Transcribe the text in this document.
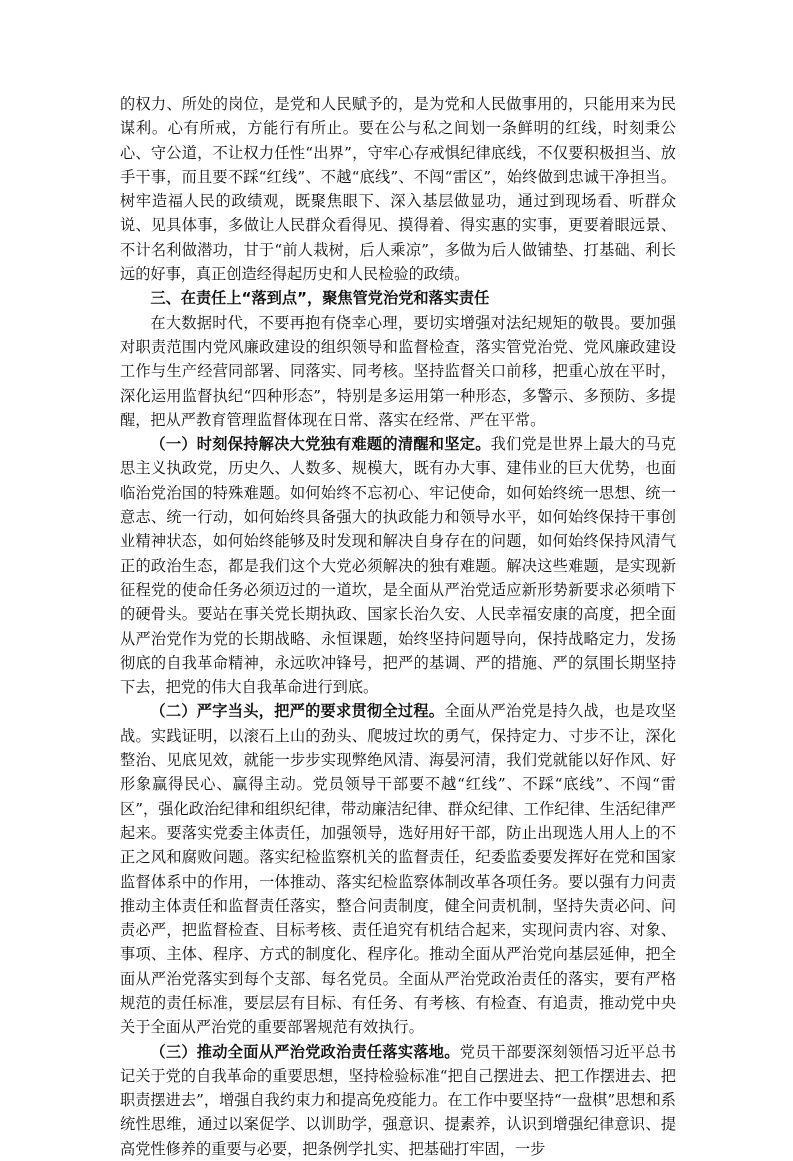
的权力、所处的岗位，是党和人民赋予的，是为党和人民做事用的，只能用来为民谋利。心有所戒，方能行有所止。要在公与私之间划一条鲜明的红线，时刻秉公心、守公道，不让权力任性“出界”，守牢心存戒惧纪律底线，不仅要积极担当、放手干事，而且要不踩“红线”、不越“底线”、不闯“雷区”，始终做到忠诚干净担当。树牢造福人民的政绩观，既聚焦眼下、深入基层做显功，通过到现场看、听群众说、见具体事，多做让人民群众看得见、摸得着、得实惠的实事，更要着眼远景、不计名利做潜功，甘于“前人栽树，后人乘凉”，多做为后人做铺垫、打基础、利长远的好事，真正创造经得起历史和人民检验的政绩。

三、在责任上“落到点”，聚焦管党治党和落实责任

在大数据时代，不要再抱有侥幸心理，要切实增强对法纪规矩的敬畏。要加强对职责范围内党风廉政建设的组织领导和监督检查，落实管党治党、党风廉政建设工作与生产经营同部署、同落实、同考核。坚持监督关口前移，把重心放在平时，深化运用监督执纪“四种形态”，特别是多运用第一种形态，多警示、多预防、多提醒，把从严教育管理监督体现在日常、落实在经常、严在平常。

（一）时刻保持解决大党独有难题的清醒和坚定。我们党是世界上最大的马克思主义执政党，历史久、人数多、规模大，既有办大事、建伟业的巨大优势，也面临治党治国的特殊难题。如何始终不忘初心、牢记使命，如何始终统一思想、统一意志、统一行动，如何始终具备强大的执政能力和领导水平，如何始终保持干事创业精神状态，如何始终能够及时发现和解决自身存在的问题，如何始终保持风清气正的政治生态，都是我们这个大党必须解决的独有难题。解决这些难题，是实现新征程党的使命任务必须迈过的一道坎，是全面从严治党适应新形势新要求必须啃下的硬骨头。要站在事关党长期执政、国家长治久安、人民幸福安康的高度，把全面从严治党作为党的长期战略、永恒课题，始终坚持问题导向，保持战略定力，发扬彻底的自我革命精神，永远吹冲锋号，把严的基调、严的措施、严的氛围长期坚持下去，把党的伟大自我革命进行到底。

（二）严字当头，把严的要求贯彻全过程。全面从严治党是持久战，也是攻坚战。实践证明，以滚石上山的劲头、爬坡过坎的勇气，保持定力、寸步不让，深化整治、见底见效，就能一步步实现弊绝风清、海晏河清，我们党就能以好作风、好形象赢得民心、赢得主动。党员领导干部要不越“红线”、不踩“底线”、不闯“雷区”，强化政治纪律和组织纪律，带动廉洁纪律、群众纪律、工作纪律、生活纪律严起来。要落实党委主体责任，加强领导，选好用好干部，防止出现选人用人上的不正之风和腐败问题。落实纪检监察机关的监督责任，纪委监委要发挥好在党和国家监督体系中的作用，一体推动、落实纪检监察体制改革各项任务。要以强有力问责推动主体责任和监督责任落实，整合问责制度，健全问责机制，坚持失责必问、问责必严，把监督检查、目标考核、责任追究有机结合起来，实现问责内容、对象、事项、主体、程序、方式的制度化、程序化。推动全面从严治党向基层延伸，把全面从严治党落实到每个支部、每名党员。全面从严治党政治责任的落实，要有严格规范的责任标准，要层层有目标、有任务、有考核、有检查、有追责，推动党中央关于全面从严治党的重要部署规范有效执行。

（三）推动全面从严治党政治责任落实落地。党员干部要深刻领悟习近平总书记关于党的自我革命的重要思想，坚持检验标准“把自己摆进去、把工作摆进去、把职责摆进去”，增强自我约束力和提高免疫能力。在工作中要坚持“一盘棋”思想和系统性思维，通过以案促学、以训助学，强意识、提素养，认识到增强纪律意识、提高党性修养的重要与必要，把条例学扎实、把基础打牢固，一步
